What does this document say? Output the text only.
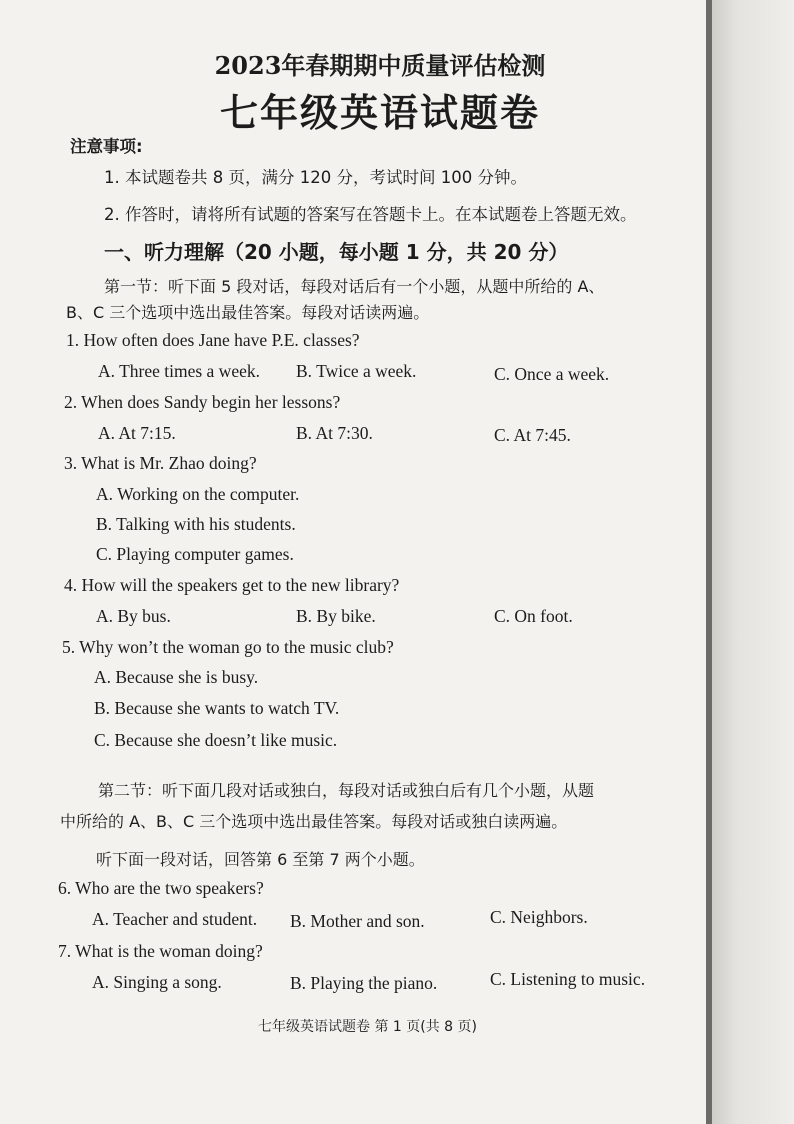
2023年春期期中质量评估检测
七年级英语试题卷
注意事项:
1. 本试题卷共 8 页，满分 120 分，考试时间 100 分钟。
2. 作答时，请将所有试题的答案写在答题卡上。在本试题卷上答题无效。
一、听力理解（20 小题，每小题 1 分，共 20 分）
第一节：听下面 5 段对话，每段对话后有一个小题，从题中所给的 A、
B、C 三个选项中选出最佳答案。每段对话读两遍。
1. How often does Jane have P.E. classes?
A. Three times a week. B. Twice a week.	C. Once a week.
2. When does Sandy begin her lessons?
A. At 7:15.	B. At 7:30.	C. At 7:45.
3. What is Mr. Zhao doing?
A. Working on the computer.
B. Talking with his students.
C. Playing computer games.
4. How will the speakers get to the new library?
A. By bus.	B. By bike.	C. On foot.
5. Why won’t the woman go to the music club?
A. Because she is busy.
B. Because she wants to watch TV.
C. Because she doesn’t like music.
第二节：听下面几段对话或独白，每段对话或独白后有几个小题，从题
中所给的 A、B、C 三个选项中选出最佳答案。每段对话或独白读两遍。
听下面一段对话，回答第 6 至第 7 两个小题。
6. Who are the two speakers?
A. Teacher and student. B. Mother and son.	C. Neighbors.
7. What is the woman doing?
A. Singing a song.	B. Playing the piano.	C. Listening to music.
七年级英语试题卷 第 1 页(共 8 页)
